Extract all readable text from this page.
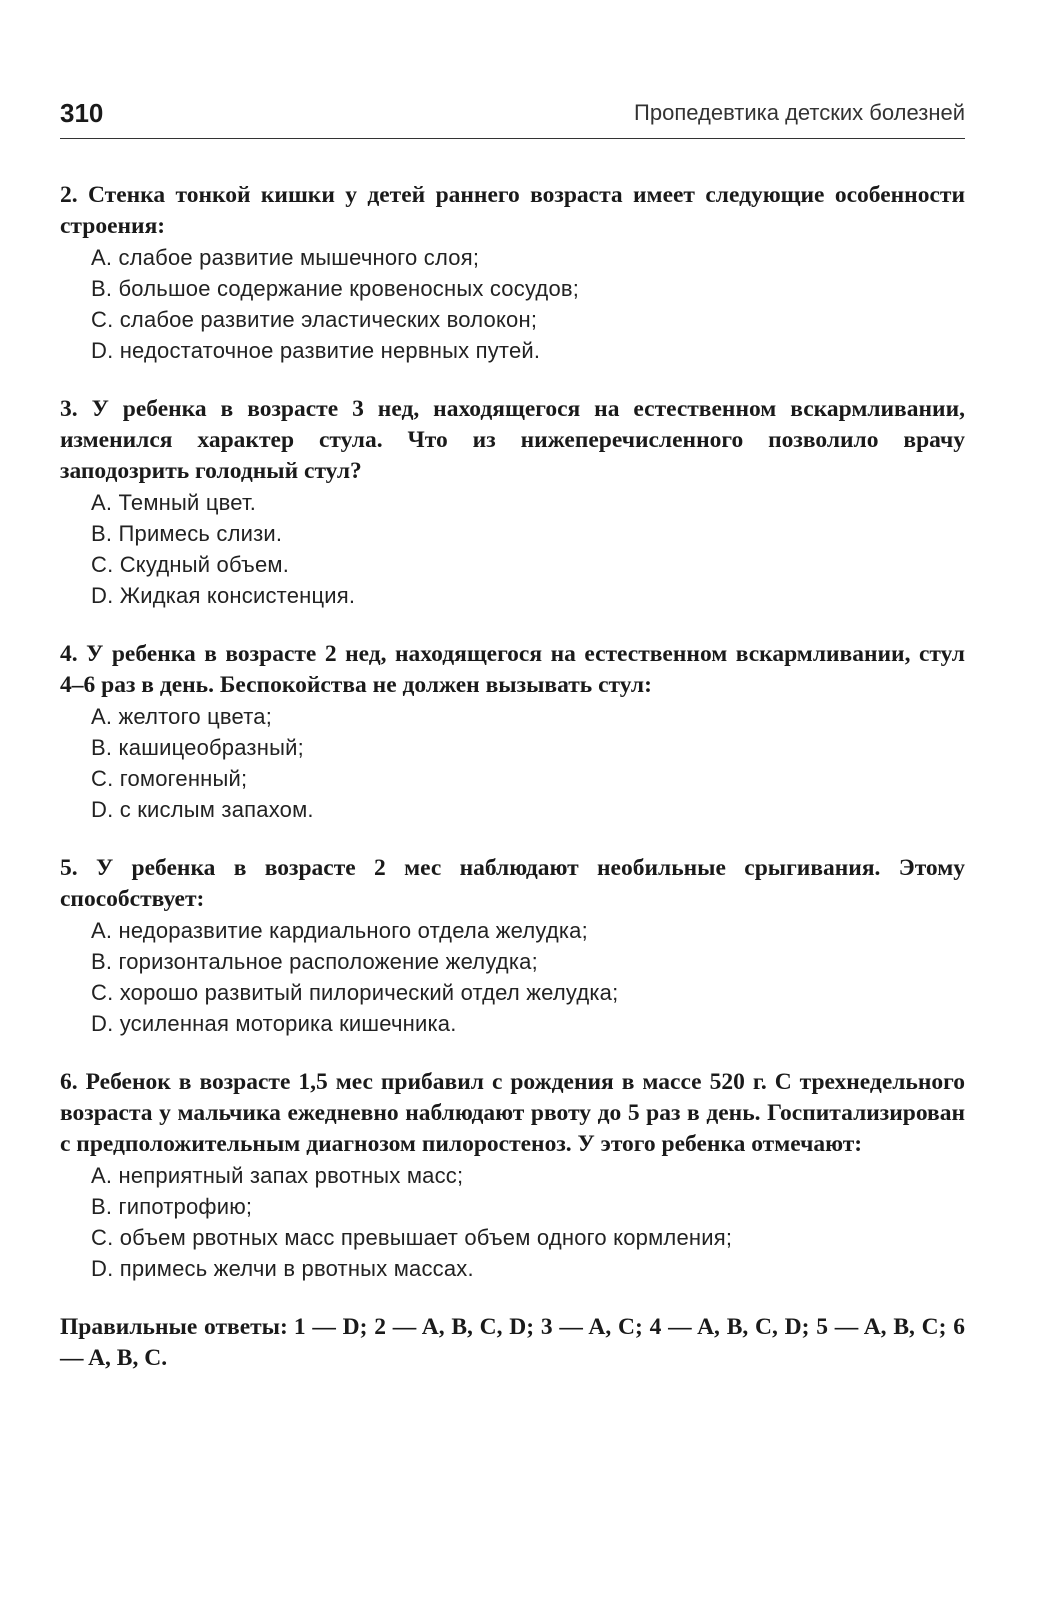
310	Пропедевтика детских болезней

2. Стенка тонкой кишки у детей раннего возраста имеет следующие особенности строения:

A. слабое развитие мышечного слоя;
B. большое содержание кровеносных сосудов;
C. слабое развитие эластических волокон;
D. недостаточное развитие нервных путей.

3. У ребенка в возрасте 3 нед, находящегося на естественном вскармливании, изменился характер стула. Что из нижеперечисленного позволило врачу заподозрить голодный стул?

A. Темный цвет.
B. Примесь слизи.
C. Скудный объем.
D. Жидкая консистенция.

4. У ребенка в возрасте 2 нед, находящегося на естественном вскармливании, стул 4–6 раз в день. Беспокойства не должен вызывать стул:

A. желтого цвета;
B. кашицеобразный;
C. гомогенный;
D. с кислым запахом.

5. У ребенка в возрасте 2 мес наблюдают необильные срыгивания. Этому способствует:

A. недоразвитие кардиального отдела желудка;
B. горизонтальное расположение желудка;
C. хорошо развитый пилорический отдел желудка;
D. усиленная моторика кишечника.

6. Ребенок в возрасте 1,5 мес прибавил с рождения в массе 520 г. С трехнедельного возраста у мальчика ежедневно наблюдают рвоту до 5 раз в день. Госпитализирован с предположительным диагнозом пилоростеноз. У этого ребенка отмечают:

A. неприятный запах рвотных масс;
B. гипотрофию;
C. объем рвотных масс превышает объем одного кормления;
D. примесь желчи в рвотных массах.

Правильные ответы: 1 — D; 2 — A, B, C, D; 3 — A, C; 4 — A, B, C, D; 5 — A, B, C; 6 — A, B, C.
